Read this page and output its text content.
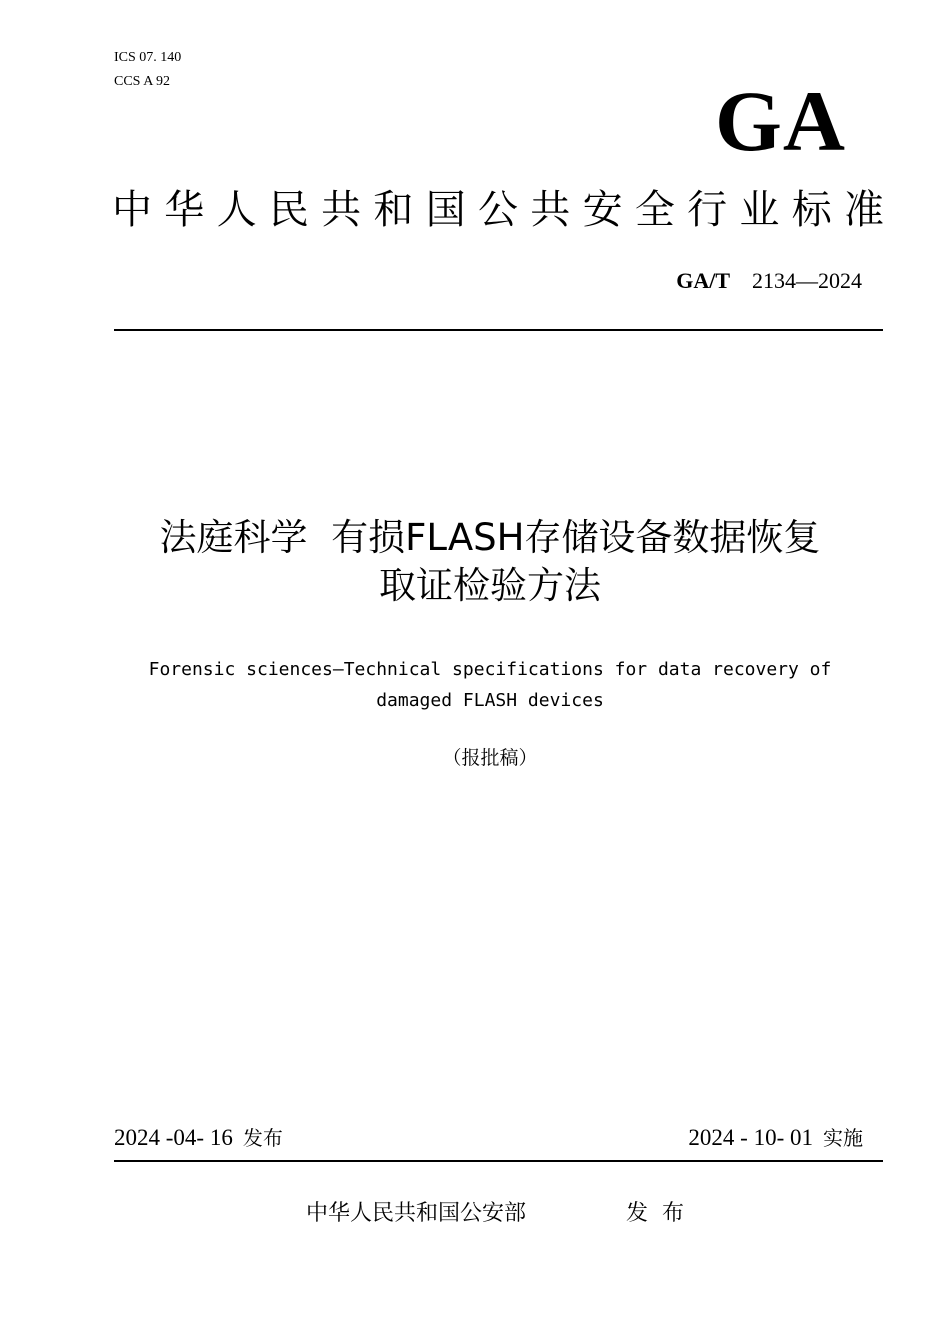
ICS 07. 140
CCS A 92	GA
中华人民共和国公共安全行业标准
GA/T 2134—2024
法庭科学  有损FLASH存储设备数据恢复
取证检验方法
Forensic sciences—Technical specifications for data recovery of
damaged FLASH devices
（报批稿）
2024 -04- 16 发布	2024 - 10- 01 实施
中华人民共和国公安部	发布
